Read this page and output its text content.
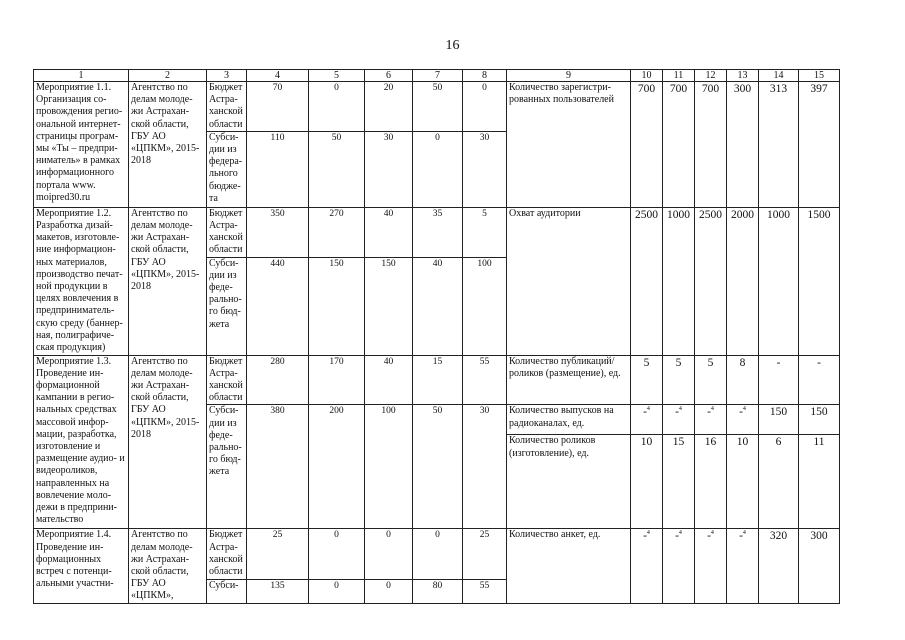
16
1	2	3	4	5	6	7	8	9	10	11	12	13	14	15
Мероприятие 1.1. Организация со-провождения регио-ональной интернет-страницы програм-мы «Ты – предпри-ниматель» в рамках информационного портала www. moipred30.ru	Агентство по делам молоде-жи Астрахан-ской области, ГБУ АО «ЦПКМ», 2015-2018	Бюджет Астра-ханской области	70	0	20	50	0	Количество зарегистри-рованных пользователей	700	700	700	300	313	397
		Субси-дии из федера-льного бюдже-та	110	50	30	0	30							
Мероприятие 1.2. Разработка дизай-макетов, изготовле-ние информацион-ных материалов, производство печат-ной продукции в целях вовлечения в предприниматель-скую среду (баннер-ная, полиграфиче-ская продукция)	Агентство по делам молоде-жи Астрахан-ской области, ГБУ АО «ЦПКМ», 2015-2018	Бюджет Астра-ханской области	350	270	40	35	5	Охват аудитории	2500	1000	2500	2000	1000	1500
		Субси-дии из феде-рально-го бюд-жета	440	150	150	40	100							
Мероприятие 1.3. Проведение ин-формационной кампании в регио-нальных средствах массовой инфор-мации, разработка, изготовление и размещение аудио- и видеороликов, направленных на вовлечение моло-дежи в предприни-мательство	Агентство по делам молоде-жи Астрахан-ской области, ГБУ АО «ЦПКМ», 2015-2018	Бюджет Астра-ханской области	280	170	40	15	55	Количество публикаций/ роликов (размещение), ед.	5	5	5	8	-	-
		Субси-дии из феде-рально-го бюд-жета	380	200	100	50	30	Количество выпусков на радиоканалах, ед.	-$^4$	-$^4$	-$^4$	-$^4$	150	150
								Количество роликов (изготовление), ед.	10	15	16	10	6	11
Мероприятие 1.4. Проведение ин-формационных встреч с потенци-альными участни-	Агентство по делам молоде-жи Астрахан-ской области, ГБУ АО «ЦПКМ»,	Бюджет Астра-ханской области	25	0	0	0	25	Количество анкет, ед.	-$^4$	-$^4$	-$^4$	-$^4$	320	300
		Субси-	135	0	0	80	55							
